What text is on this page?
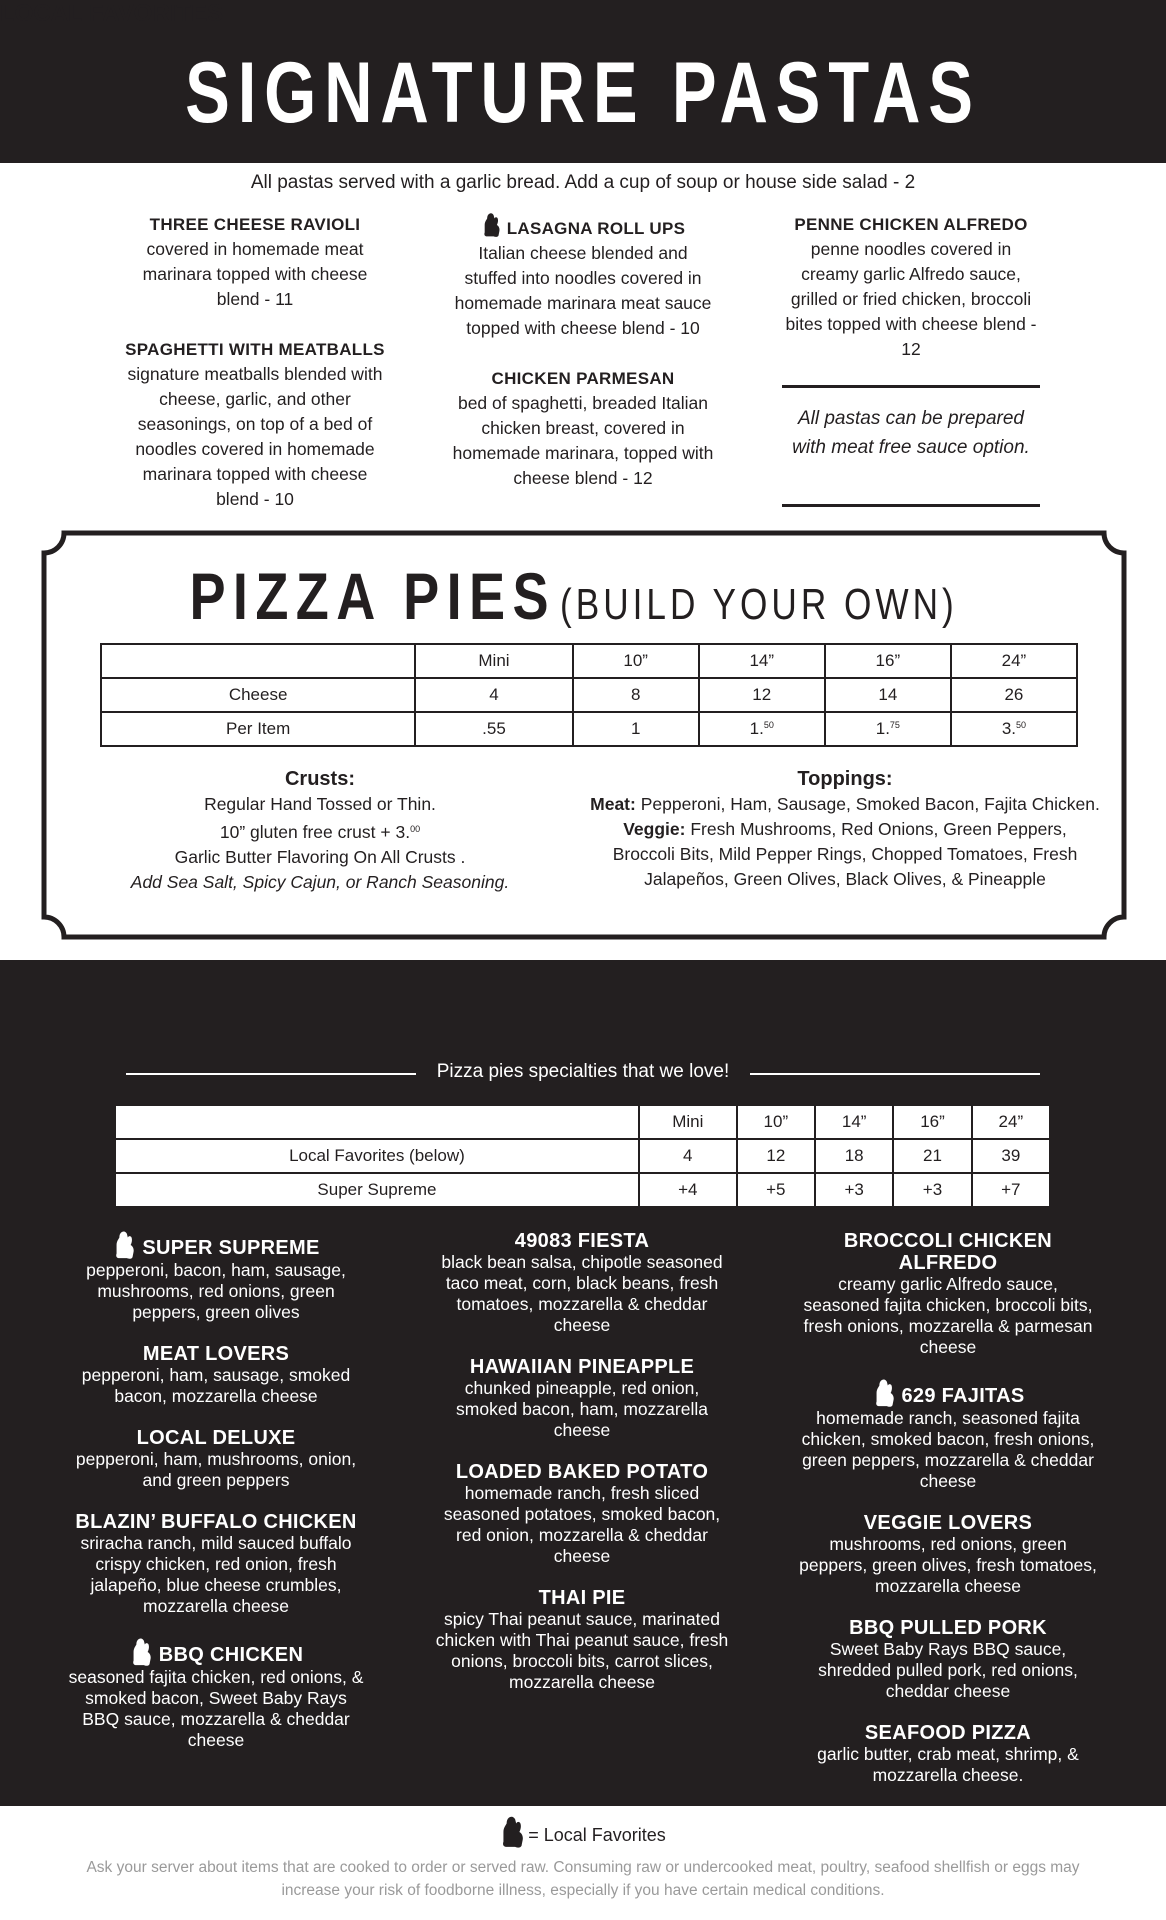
SIGNATURE PASTAS
All pastas served with a garlic bread. Add a cup of soup or house side salad - 2
THREE CHEESE RAVIOLI
covered in homemade meat marinara topped with cheese blend - 11
SPAGHETTI WITH MEATBALLS
signature meatballs blended with cheese, garlic, and other seasonings, on top of a bed of noodles covered in homemade marinara topped with cheese blend - 10
LASAGNA ROLL UPS
Italian cheese blended and stuffed into noodles covered in homemade marinara meat sauce topped with cheese blend - 10
CHICKEN PARMESAN
bed of spaghetti, breaded Italian chicken breast, covered in homemade marinara, topped with cheese blend - 12
PENNE CHICKEN ALFREDO
penne noodles covered in creamy garlic Alfredo sauce, grilled or fried chicken, broccoli bites topped with cheese blend - 12
All pastas can be prepared with meat free sauce option.
PIZZA PIES (BUILD YOUR OWN)
	Mini	10”	14”	16”	24”
Cheese	4	8	12	14	26
Per Item	.55	1	1.50	1.75	3.50
Crusts:
Regular Hand Tossed or Thin.
10” gluten free crust + 3.00
Garlic Butter Flavoring On All Crusts .
Add Sea Salt, Spicy Cajun, or Ranch Seasoning.
Toppings:
Meat: Pepperoni, Ham, Sausage, Smoked Bacon, Fajita Chicken.
Veggie: Fresh Mushrooms, Red Onions, Green Peppers, Broccoli Bits, Mild Pepper Rings, Chopped Tomatoes, Fresh Jalapeños, Green Olives, Black Olives, & Pineapple
LOCAL FAVORITES
Pizza pies specialties that we love!
	Mini	10”	14”	16”	24”
Local Favorites (below)	4	12	18	21	39
Super Supreme	+4	+5	+3	+3	+7
SUPER SUPREME
pepperoni, bacon, ham, sausage, mushrooms, red onions, green peppers, green olives
MEAT LOVERS
pepperoni, ham, sausage, smoked bacon, mozzarella cheese
LOCAL DELUXE
pepperoni, ham, mushrooms, onion, and green peppers
BLAZIN’ BUFFALO CHICKEN
sriracha ranch, mild sauced buffalo crispy chicken, red onion, fresh jalapeño, blue cheese crumbles, mozzarella cheese
BBQ CHICKEN
seasoned fajita chicken, red onions, & smoked bacon, Sweet Baby Rays BBQ sauce, mozzarella & cheddar cheese
49083 FIESTA
black bean salsa, chipotle seasoned taco meat, corn, black beans, fresh tomatoes, mozzarella & cheddar cheese
HAWAIIAN PINEAPPLE
chunked pineapple, red onion, smoked bacon, ham, mozzarella cheese
LOADED BAKED POTATO
homemade ranch, fresh sliced seasoned potatoes, smoked bacon, red onion, mozzarella & cheddar cheese
THAI PIE
spicy Thai peanut sauce, marinated chicken with Thai peanut sauce, fresh onions, broccoli bits, carrot slices, mozzarella cheese
BROCCOLI CHICKEN ALFREDO
creamy garlic Alfredo sauce, seasoned fajita chicken, broccoli bits, fresh onions, mozzarella & parmesan cheese
629 FAJITAS
homemade ranch, seasoned fajita chicken, smoked bacon, fresh onions, green peppers, mozzarella & cheddar cheese
VEGGIE LOVERS
mushrooms, red onions, green peppers, green olives, fresh tomatoes, mozzarella cheese
BBQ PULLED PORK
Sweet Baby Rays BBQ sauce, shredded pulled pork, red onions, cheddar cheese
SEAFOOD PIZZA
garlic butter, crab meat, shrimp, & mozzarella cheese.
= Local Favorites
Ask your server about items that are cooked to order or served raw. Consuming raw or undercooked meat, poultry, seafood shellfish or eggs may increase your risk of foodborne illness, especially if you have certain medical conditions.
